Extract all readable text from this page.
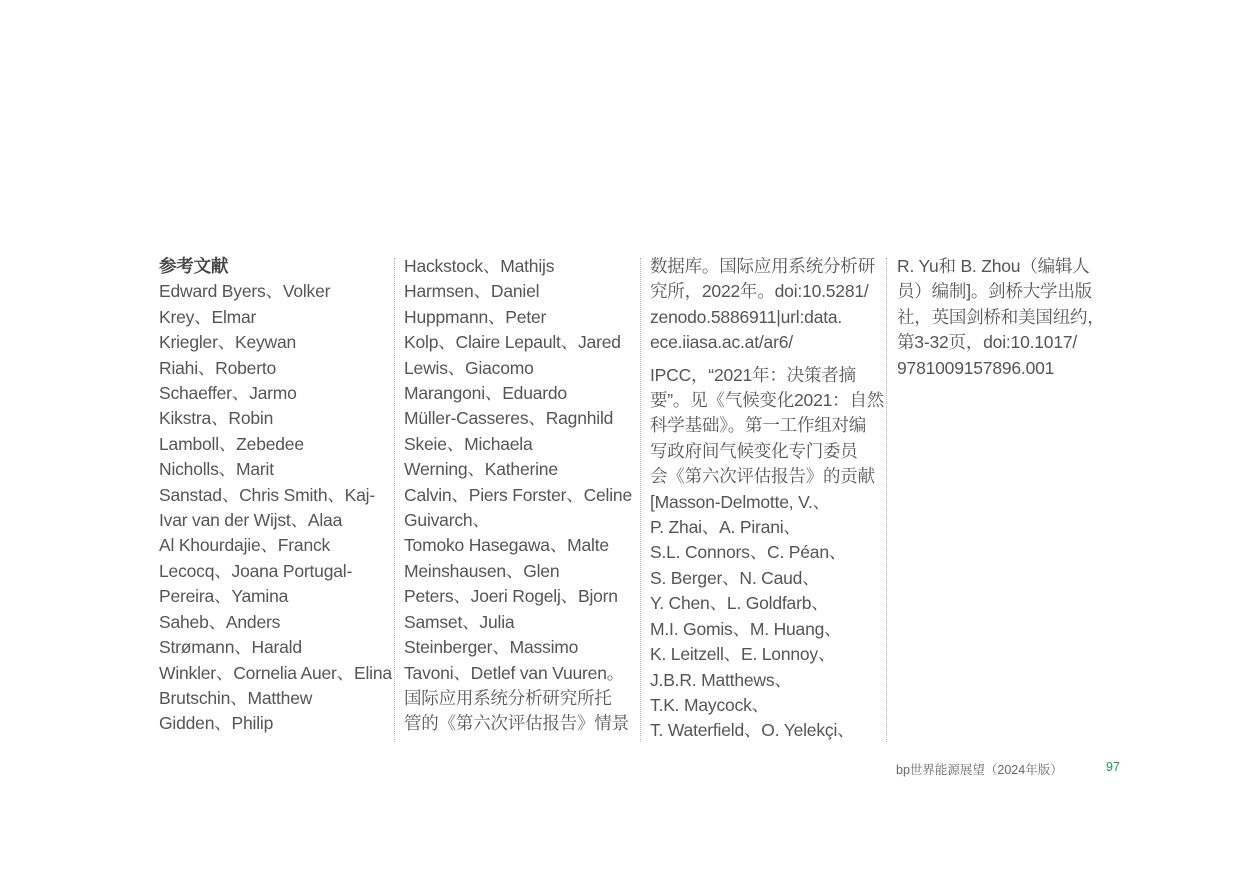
参考文献
Edward Byers、Volker
Krey、Elmar
Kriegler、Keywan
Riahi、Roberto
Schaeffer、Jarmo
Kikstra、Robin
Lamboll、Zebedee
Nicholls、Marit
Sanstad、Chris Smith、Kaj-
Ivar van der Wijst、Alaa
Al Khourdajie、Franck
Lecocq、Joana Portugal-
Pereira、Yamina
Saheb、Anders
Strømann、Harald
Winkler、Cornelia Auer、Elina
Brutschin、Matthew
Gidden、Philip
Hackstock、Mathijs
Harmsen、Daniel
Huppmann、Peter
Kolp、Claire Lepault、Jared
Lewis、Giacomo
Marangoni、Eduardo
Müller-Casseres、Ragnhild
Skeie、Michaela
Werning、Katherine
Calvin、Piers Forster、Celine
Guivarch、
Tomoko Hasegawa、Malte
Meinshausen、Glen
Peters、Joeri Rogelj、Bjorn
Samset、Julia
Steinberger、Massimo
Tavoni、Detlef van Vuuren。
国际应用系统分析研究所托
管的《第六次评估报告》情景
数据库。国际应用系统分析研
究所，2022年。doi:10.5281/
zenodo.5886911|url:data.
ece.iiasa.ac.at/ar6/
IPCC，“2021年：决策者摘
要”。见《气候变化2021：自然
科学基础》。第一工作组对编
写政府间气候变化专门委员
会《第六次评估报告》的贡献
[Masson-Delmotte, V.、
P. Zhai、A. Pirani、
S.L. Connors、C. Péan、
S. Berger、N. Caud、
Y. Chen、L. Goldfarb、
M.I. Gomis、M. Huang、
K. Leitzell、E. Lonnoy、
J.B.R. Matthews、
T.K. Maycock、
T. Waterfield、O. Yelekçi、
R. Yu和 B. Zhou（编辑人
员）编制]。剑桥大学出版
社，英国剑桥和美国纽约，
第3-32页，doi:10.1017/
9781009157896.001
bp世界能源展望（2024年版）	97
